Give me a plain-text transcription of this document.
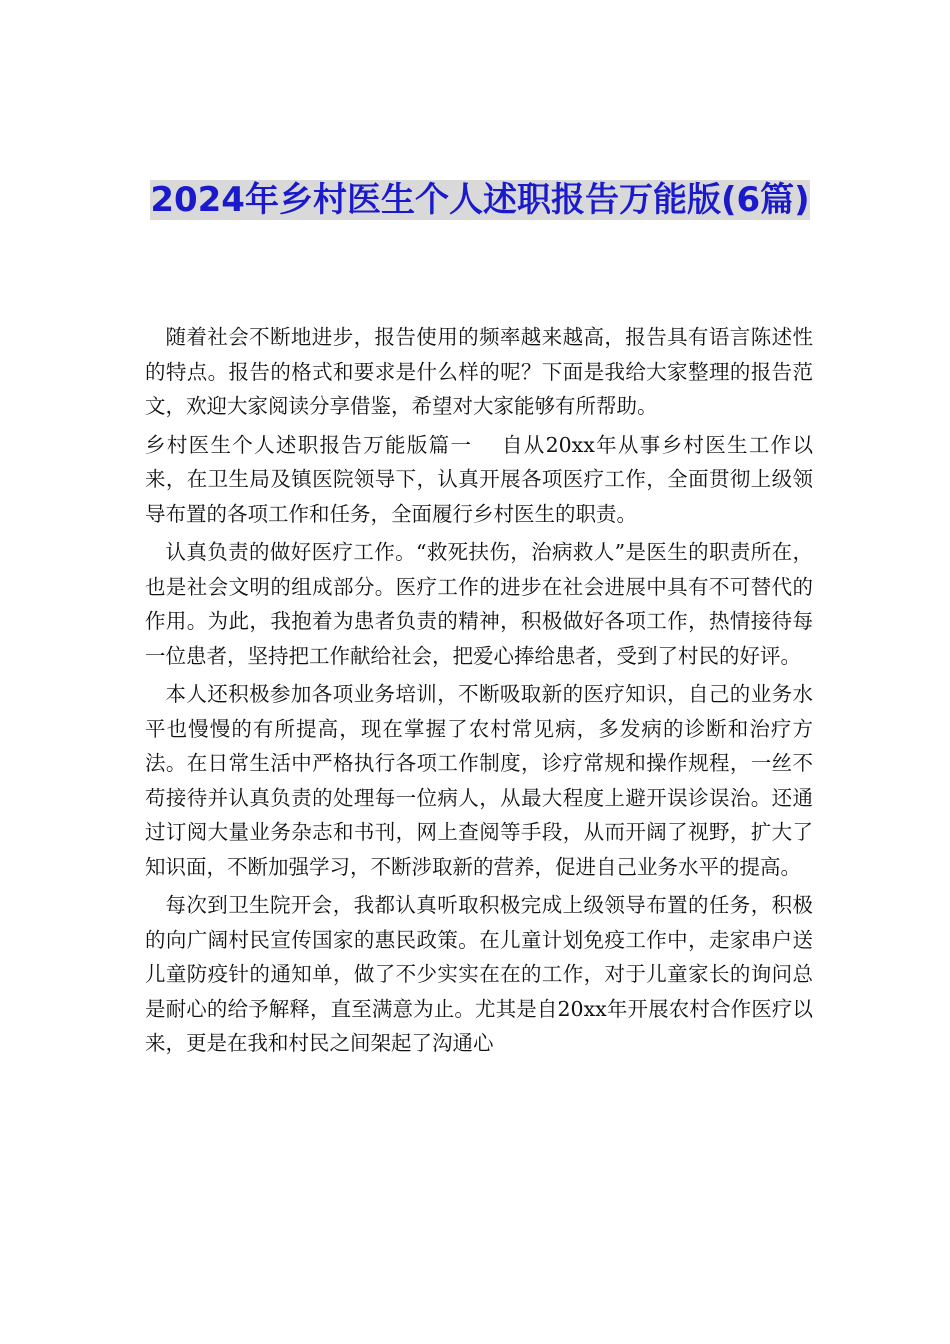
2024年乡村医生个人述职报告万能版(6篇)

随着社会不断地进步，报告使用的频率越来越高，报告具有语言陈述性的特点。报告的格式和要求是什么样的呢？下面是我给大家整理的报告范文，欢迎大家阅读分享借鉴，希望对大家能够有所帮助。

乡村医生个人述职报告万能版篇一　 自从20xx年从事乡村医生工作以来，在卫生局及镇医院领导下，认真开展各项医疗工作，全面贯彻上级领导布置的各项工作和任务，全面履行乡村医生的职责。

认真负责的做好医疗工作。“救死扶伤，治病救人”是医生的职责所在，也是社会文明的组成部分。医疗工作的进步在社会进展中具有不可替代的作用。为此，我抱着为患者负责的精神，积极做好各项工作，热情接待每一位患者，坚持把工作献给社会，把爱心捧给患者，受到了村民的好评。

本人还积极参加各项业务培训，不断吸取新的医疗知识，自己的业务水平也慢慢的有所提高，现在掌握了农村常见病，多发病的诊断和治疗方法。在日常生活中严格执行各项工作制度，诊疗常规和操作规程，一丝不苟接待并认真负责的处理每一位病人，从最大程度上避开误诊误治。还通过订阅大量业务杂志和书刊，网上查阅等手段，从而开阔了视野，扩大了知识面，不断加强学习，不断涉取新的营养，促进自己业务水平的提高。

每次到卫生院开会，我都认真听取积极完成上级领导布置的任务，积极的向广阔村民宣传国家的惠民政策。在儿童计划免疫工作中，走家串户送儿童防疫针的通知单，做了不少实实在在的工作，对于儿童家长的询问总是耐心的给予解释，直至满意为止。尤其是自20xx年开展农村合作医疗以来，更是在我和村民之间架起了沟通心
